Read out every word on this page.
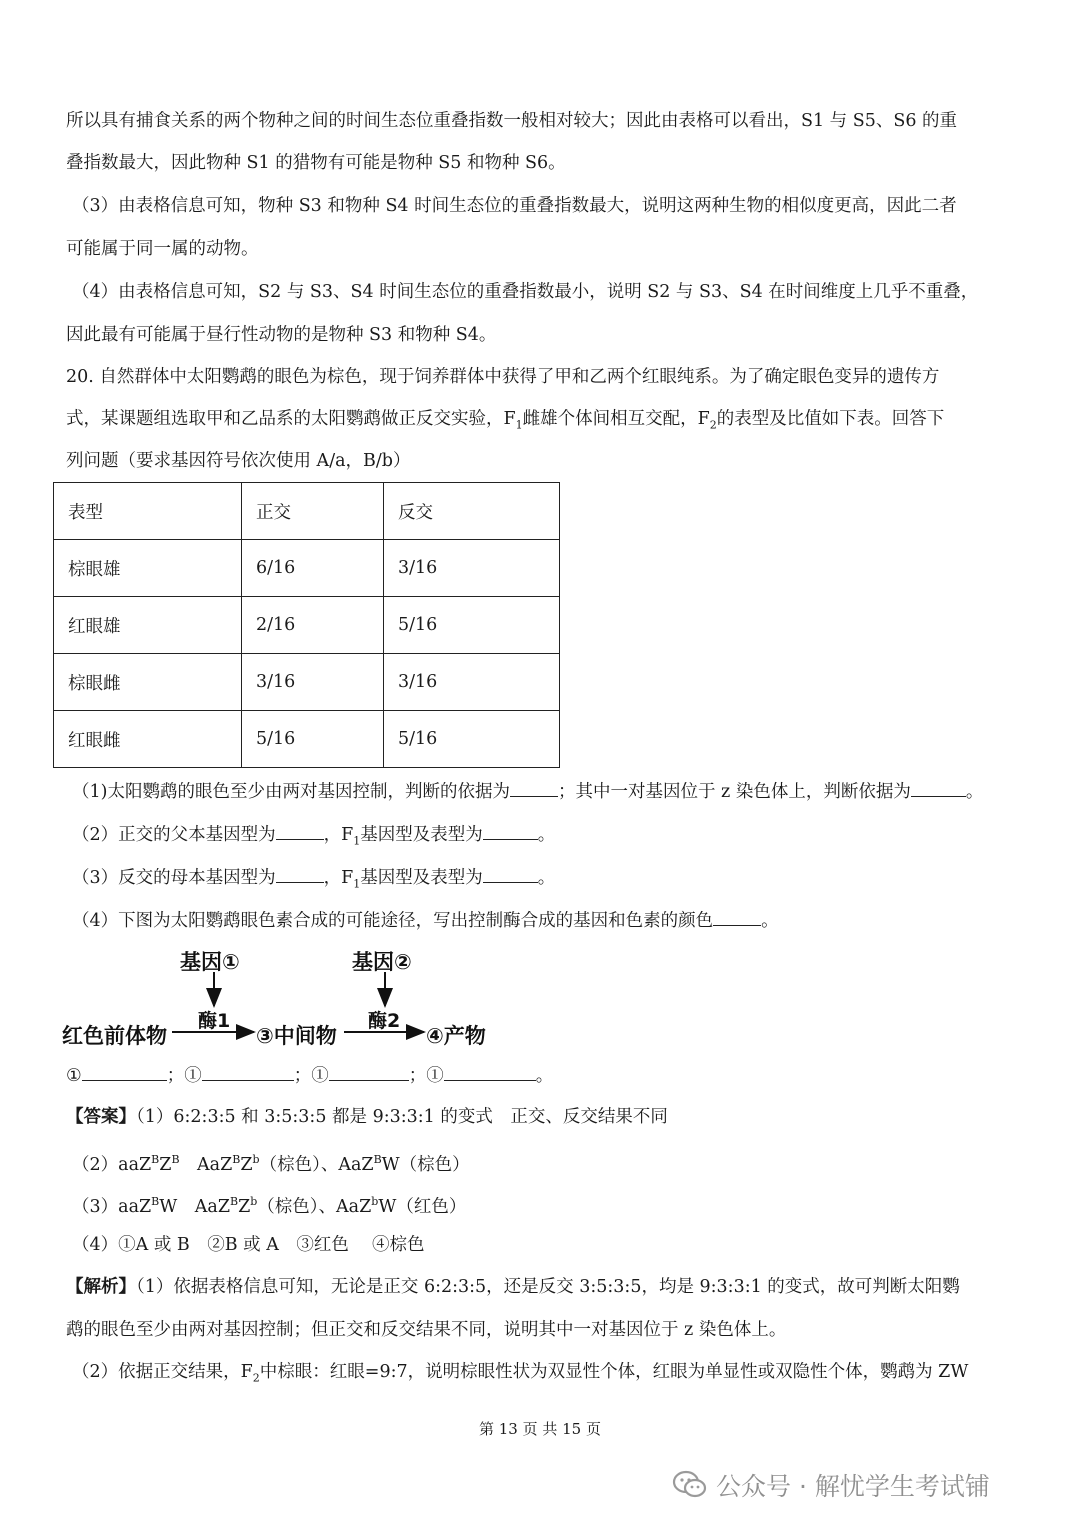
所以具有捕食关系的两个物种之间的时间生态位重叠指数一般相对较大；因此由表格可以看出，S1 与 S5、S6 的重
叠指数最大，因此物种 S1 的猎物有可能是物种 S5 和物种 S6。
（3）由表格信息可知，物种 S3 和物种 S4 时间生态位的重叠指数最大，说明这两种生物的相似度更高，因此二者
可能属于同一属的动物。
（4）由表格信息可知，S2 与 S3、S4 时间生态位的重叠指数最小，说明 S2 与 S3、S4 在时间维度上几乎不重叠，
因此最有可能属于昼行性动物的是物种 S3 和物种 S4。
20. 自然群体中太阳鹦鹉的眼色为棕色，现于饲养群体中获得了甲和乙两个红眼纯系。为了确定眼色变异的遗传方
式，某课题组选取甲和乙品系的太阳鹦鹉做正反交实验，$F_1$雌雄个体间相互交配，$F_2$的表型及比值如下表。回答下
列问题（要求基因符号依次使用 A/a，B/b）
表型	正交	反交
棕眼雄	6/16	3/16
红眼雄	2/16	5/16
棕眼雌	3/16	3/16
红眼雌	5/16	5/16
（1)太阳鹦鹉的眼色至少由两对基因控制，判断的依据为	；其中一对基因位于 z 染色体上，判断依据为	。
（2）正交的父本基因型为	，$F_1$基因型及表型为	。
（3）反交的母本基因型为	，$F_1$基因型及表型为	。
（4）下图为太阳鹦鹉眼色素合成的可能途径，写出控制酶合成的基因和色素的颜色	。
基因①	基因②
酶1	酶2
红色前体物	③中间物	④产物
①	；①	；①	；①	。
【答案】（1）6:2:3:5 和 3:5:3:5 都是 9:3:3:1 的变式　正交、反交结果不同
$(2)aaZ^BZ^B$　$AaZ^BZ^b$（棕色）、AaZ$^B$W（棕色）
（3）aaZ$^B$W　$AaZ^BZ^b$（棕色）、AaZ$^b$W（红色）
（4）①A 或 B　②B 或 A　③红色　 ④棕色
【解析】（1）依据表格信息可知，无论是正交 6:2:3:5，还是反交 3:5:3:5，均是 9:3:3:1 的变式，故可判断太阳鹦
鹉的眼色至少由两对基因控制；但正交和反交结果不同，说明其中一对基因位于 z 染色体上。
（2）依据正交结果，$F_2$中棕眼：红眼=9:7，说明棕眼性状为双显性个体，红眼为单显性或双隐性个体，鹦鹉为 ZW
第 13 页 共 15 页
公众号 · 解忧学生考试铺
